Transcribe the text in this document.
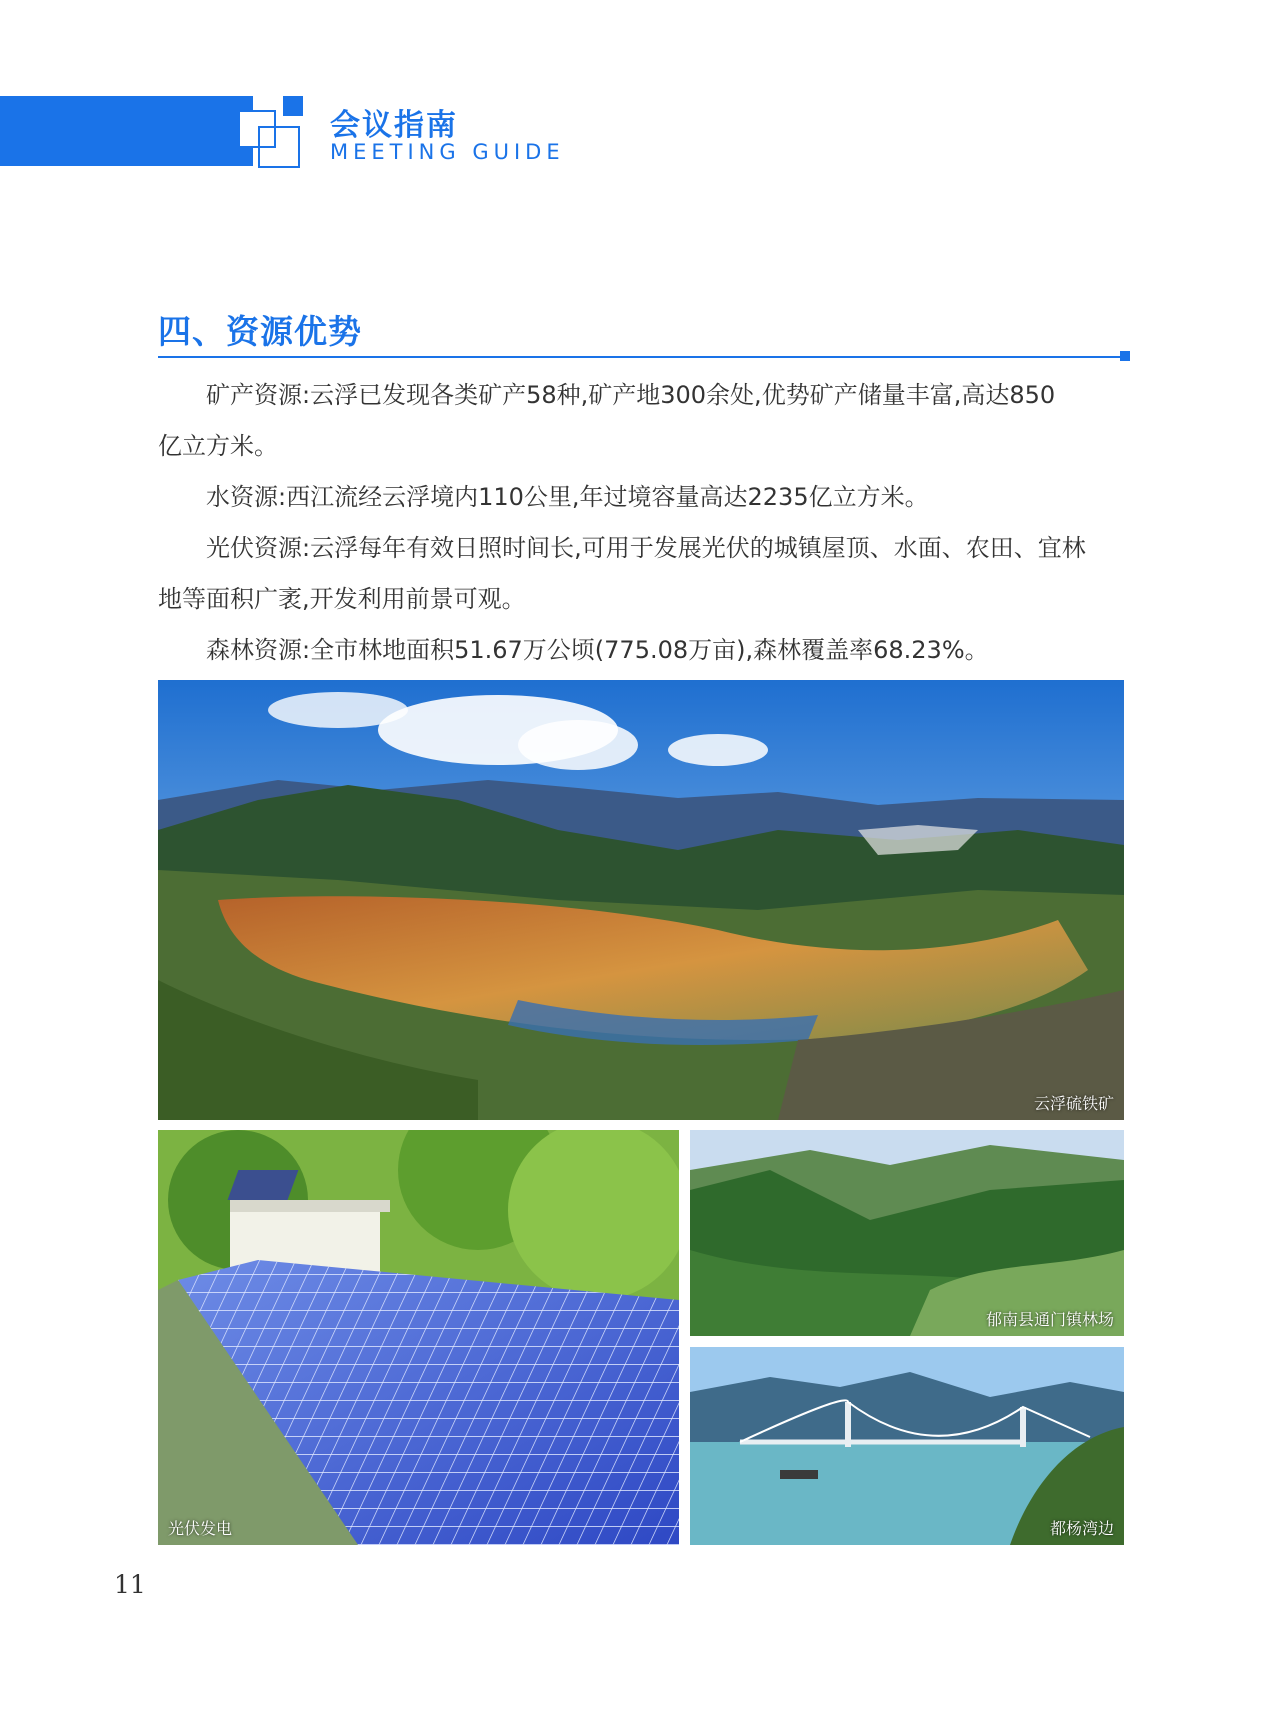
会议指南
MEETING GUIDE
四、资源优势
矿产资源:云浮已发现各类矿产58种,矿产地300余处,优势矿产储量丰富,高达850
亿立方米。
水资源:西江流经云浮境内110公里,年过境容量高达2235亿立方米。
光伏资源:云浮每年有效日照时间长,可用于发展光伏的城镇屋顶、水面、农田、宜林
地等面积广袤,开发利用前景可观。
森林资源:全市林地面积51.67万公顷(775.08万亩),森林覆盖率68.23%。
云浮硫铁矿
光伏发电
郁南县通门镇林场
都杨湾边
11
